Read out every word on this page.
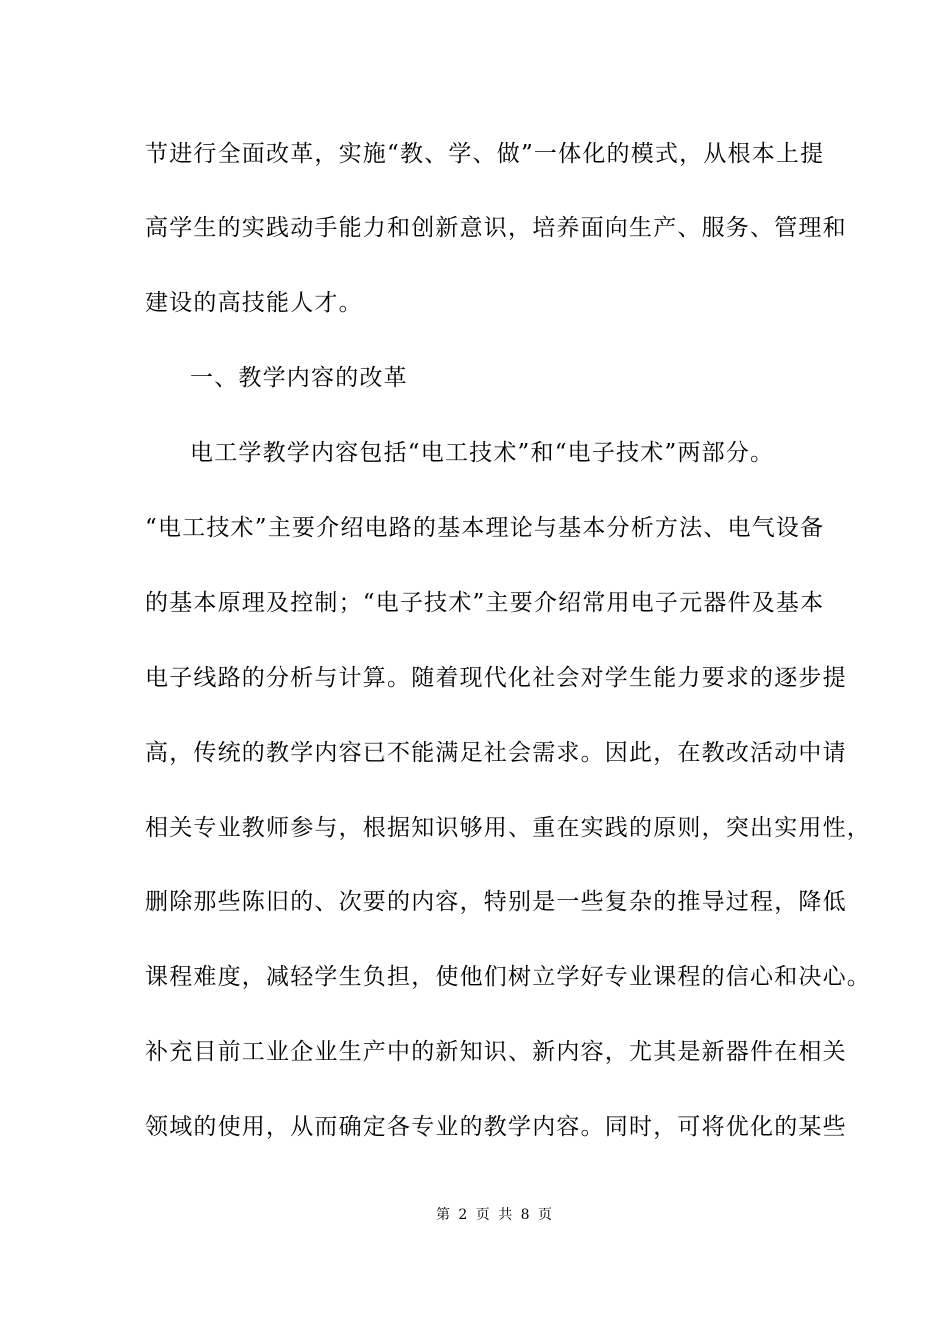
节进行全面改革，实施“教、学、做”一体化的模式，从根本上提
高学生的实践动手能力和创新意识，培养面向生产、服务、管理和
建设的高技能人才。
一、教学内容的改革
电工学教学内容包括“电工技术”和“电子技术”两部分。
“电工技术”主要介绍电路的基本理论与基本分析方法、电气设备
的基本原理及控制；“电子技术”主要介绍常用电子元器件及基本
电子线路的分析与计算。随着现代化社会对学生能力要求的逐步提
高，传统的教学内容已不能满足社会需求。因此，在教改活动中请
相关专业教师参与，根据知识够用、重在实践的原则，突出实用性，
删除那些陈旧的、次要的内容，特别是一些复杂的推导过程，降低
课程难度，减轻学生负担，使他们树立学好专业课程的信心和决心。
补充目前工业企业生产中的新知识、新内容，尤其是新器件在相关
领域的使用，从而确定各专业的教学内容。同时，可将优化的某些
第 2 页 共 8 页
